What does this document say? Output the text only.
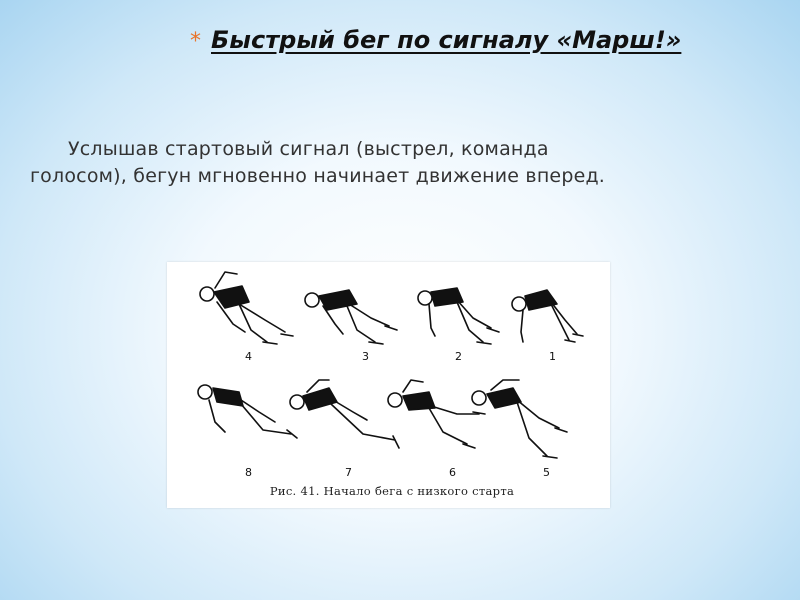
* Быстрый бег по сигналу «Марш!»
Услышав стартовый сигнал (выстрел, команда голосом), бегун мгновенно начинает движение вперед.
4	3	2	1
8	7	6	5
Рис. 41. Начало бега с низкого старта
